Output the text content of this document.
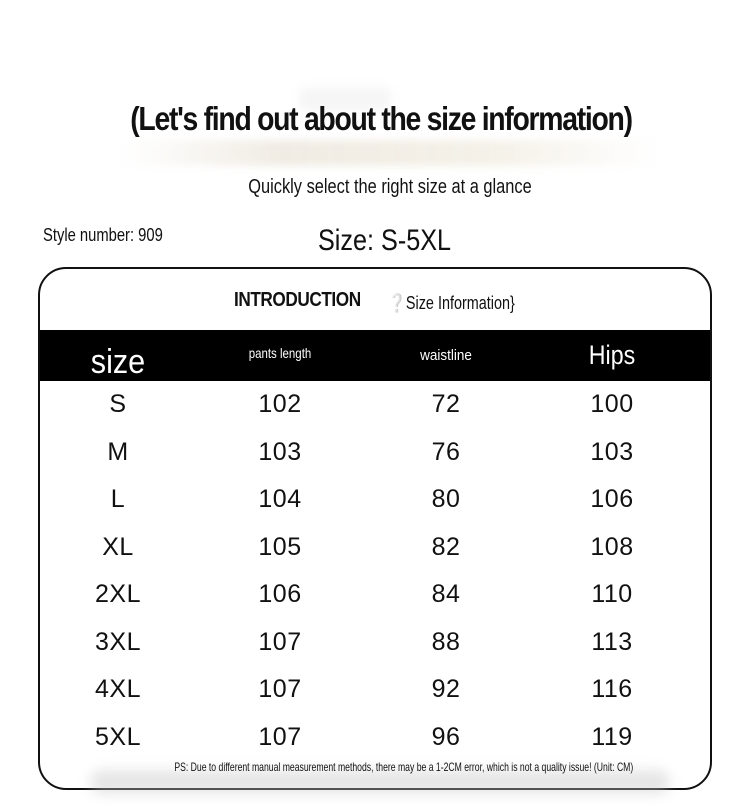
(Let's find out about the size information)
Quickly select the right size at a glance
Style number: 909	Size: S-5XL
INTRODUCTION ❔Size Information}
size	pants length	waistline	Hips
S	102	72	100
M	103	76	103
L	104	80	106
XL	105	82	108
2XL	106	84	110
3XL	107	88	113
4XL	107	92	116
5XL	107	96	119
PS: Due to different manual measurement methods, there may be a 1-2CM error, which is not a quality issue! (Unit: CM)
